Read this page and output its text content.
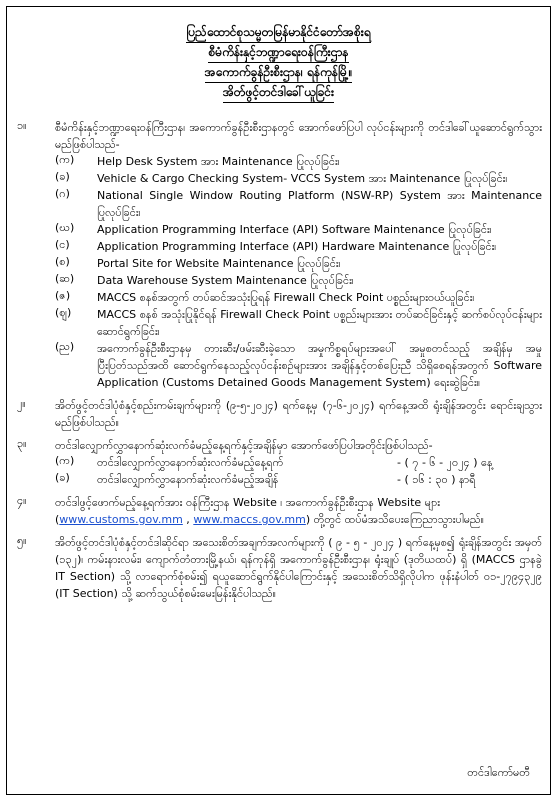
ပြည်ထောင်စုသမ္မတမြန်မာနိုင်ငံတော်အစိုးရ
စီမံကိန်းနှင့်ဘဏ္ဍာရေးဝန်ကြီးဌာန
အကောက်ခွန်ဦးစီးဌာန၊ ရန်ကုန်မြို့။
အိတ်ဖွင့်တင်ဒါခေါ်ယူခြင်း
၁။	စီမံကိန်းနှင့်ဘဏ္ဍာရေးဝန်ကြီးဌာန၊ အကောက်ခွန်ဦးစီးဌာနတွင် အောက်ဖော်ပြပါ လုပ်ငန်းများကို တင်ဒါခေါ်ယူဆောင်ရွက်သွားမည်ဖြစ်ပါသည်-
(က)	Help Desk System အား Maintenance ပြုလုပ်ခြင်း၊
(ခ)	Vehicle & Cargo Checking System- VCCS System အား Maintenance ပြုလုပ်ခြင်း၊
(ဂ)	National Single Window Routing Platform (NSW-RP) System အား Maintenance ပြုလုပ်ခြင်း၊
(ဃ)	Application Programming Interface (API) Software Maintenance ပြုလုပ်ခြင်း၊
(င)	Application Programming Interface (API) Hardware Maintenance ပြုလုပ်ခြင်း၊
(စ)	Portal Site for Website Maintenance ပြုလုပ်ခြင်း၊
(ဆ)	Data Warehouse System Maintenance ပြုလုပ်ခြင်း၊
(ဇ)	MACCS စနစ်အတွက် တပ်ဆင်အသုံးပြုရန် Firewall Check Point ပစ္စည်းများဝယ်ယူခြင်း၊
(ဈ)	MACCS စနစ် အသုံးပြုနိုင်ရန် Firewall Check Point ပစ္စည်းများအား တပ်ဆင်ခြင်းနှင့် ဆက်စပ်လုပ်ငန်းများ ဆောင်ရွက်ခြင်း၊
(ည)	အကောက်ခွန်ဦးစီးဌာနမှ တားဆီး/ဖမ်းဆီးခဲ့သော အမှုကိစ္စရပ်များအပေါ် အမှုစတင်သည့် အချိန်မှ အမှုပြီးပြတ်သည်အထိ ဆောင်ရွက်နေသည့်လုပ်ငန်းစဉ်များအား အချိန်နှင့်တစ်ပြေးညီ သိရှိစေရန်အတွက် Software Application (Customs Detained Goods Management System) ရေးဆွဲခြင်း။
၂။	အိတ်ဖွင့်တင်ဒါပုံစံနှင့်စည်းကမ်းချက်များကို (၉-၅-၂၀၂၄) ရက်နေ့မှ (၇-၆-၂၀၂၄) ရက်နေ့အထိ ရုံးချိန်အတွင်း ရောင်းချသွားမည်ဖြစ်ပါသည်။
၃။	တင်ဒါလျှောက်လွှာနောက်ဆုံးလက်ခံမည့်နေ့ရက်နှင့်အချိန်မှာ အောက်ဖော်ပြပါအတိုင်းဖြစ်ပါသည်-
(က)	တင်ဒါလျှောက်လွှာနောက်ဆုံးလက်ခံမည့်နေ့ရက်	- ( ၇ - ၆ - ၂၀၂၄ ) နေ့
(ခ)	တင်ဒါလျှောက်လွှာနောက်ဆုံးလက်ခံမည့်အချိန်	- ( ၁၆ : ၃၀ ) နာရီ
၄။	တင်ဒါဖွင့်ဖောက်မည့်နေ့ရက်အား ဝန်ကြီးဌာန Website ၊ အကောက်ခွန်ဦးစီးဌာန Website များ
(www.customs.gov.mm , www.maccs.gov.mm) တို့တွင် ထပ်မံအသိပေးကြေညာသွားပါမည်။
၅။	အိတ်ဖွင့်တင်ဒါပုံစံနှင့်တင်ဒါဆိုင်ရာ အသေးစိတ်အချက်အလက်များကို ( ၉ - ၅ - ၂၀၂၄ ) ရက်နေ့မှစ၍ ရုံးချိန်အတွင်း အမှတ် (၁၃၂)၊ ကမ်းနားလမ်း၊ ကျောက်တံတားမြို့နယ်၊ ရန်ကုန်ရှိ အကောက်ခွန်ဦးစီးဌာန၊ ရုံးချုပ် (ဒုတိယထပ်) ရှိ (MACCS ဌာနခွဲ IT Section) သို့ လာရောက်စုံစမ်း၍ ရယူဆောင်ရွက်နိုင်ပါကြောင်းနှင့် အသေးစိတ်သိရှိလိုပါက ဖုန်းနံပါတ် ၀၁-၂၇၉၄၃၂၉ (IT Section) သို့ ဆက်သွယ်စုံစမ်းမေးမြန်းနိုင်ပါသည်။
တင်ဒါကော်မတီ
